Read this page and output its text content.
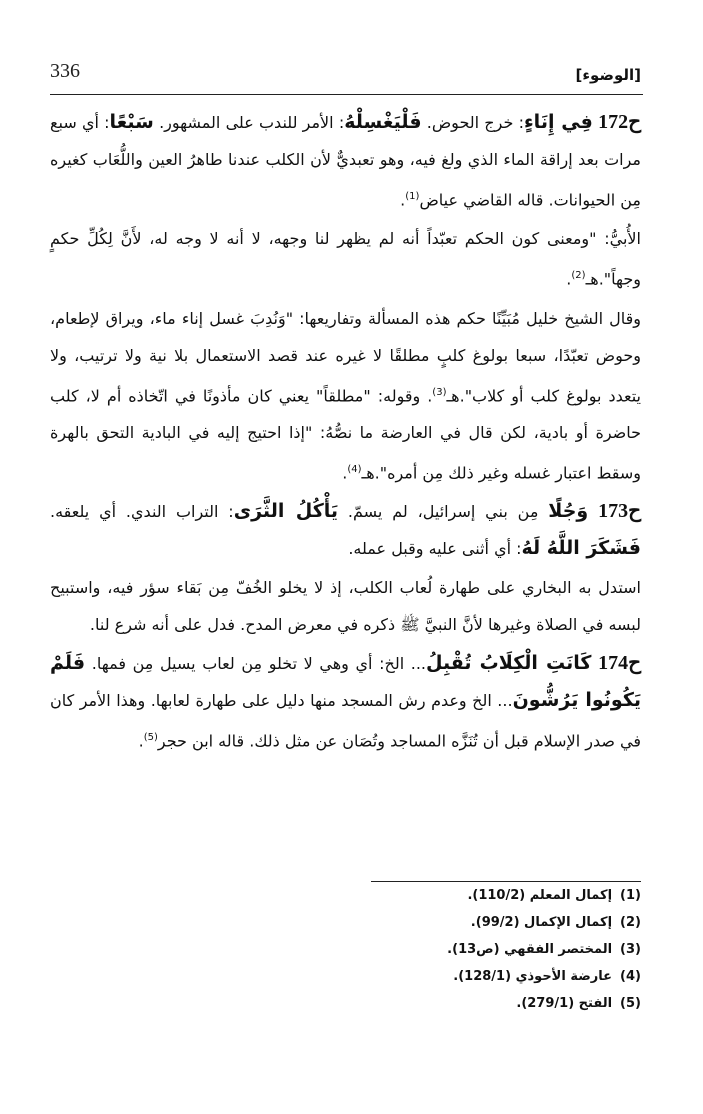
336	[الوضوء]

ح172 فِي إِنَاءٍ: خرج الحوض. فَلْيَغْسِلْهُ: الأمر للندب على المشهور. سَبْعًا: أي سبع مرات بعد إراقة الماء الذي ولغ فيه، وهو تعبديٌّ لأن الكلب عندنا طاهرُ العين واللُّعَاب كغيره مِن الحيوانات. قاله القاضي عياض$^{(1)}$.

الأُبيُّ: "ومعنى كون الحكم تعبّداً أنه لم يظهر لنا وجهه، لا أنه لا وجه له، لأَنَّ لِكُلِّ حكمٍ وجهاً".هـ$^{(2)}$.

وقال الشيخ خليل مُبَيِّنًا حكم هذه المسألة وتفاريعها: "وَنُدِبَ غسل إناء ماء، ويراق لإطعام، وحوض تعبّدًا، سبعا بولوغ كلبٍ مطلقًا لا غيره عند قصد الاستعمال بلا نية ولا ترتيب، ولا يتعدد بولوغ كلب أو كلاب".هـ$^{(3)}$. وقوله: "مطلقاً" يعني كان مأذونًا في اتّخاذه أم لا، كلب حاضرة أو بادية، لكن قال في العارضة ما نصُّهُ: "إذا احتيج إليه في البادية التحق بالهرة وسقط اعتبار غسله وغير ذلك مِن أمره".هـ$^{(4)}$.

ح173 وَجُلًا مِن بني إسرائيل، لم يسمّ. يَأْكُلُ الثَّرَى: التراب الندي. أي يلعقه. فَشَكَرَ اللَّهُ لَهُ: أي أثنى عليه وقبل عمله.

استدل به البخاري على طهارة لُعاب الكلب، إذ لا يخلو الخُفّ مِن بَقاء سؤر فيه، واستبيح لبسه في الصلاة وغيرها لأنَّ النبيَّ ﷺ ذكره في معرض المدح. فدل على أنه شرع لنا.

ح174 كَانَتِ الْكِلَابُ تُقْبِلُ... الخ: أي وهي لا تخلو مِن لعاب يسيل مِن فمها. فَلَمْ يَكُونُوا يَرُشُّونَ... الخ وعدم رش المسجد منها دليل على طهارة لعابها. وهذا الأمر كان في صدر الإسلام قبل أن تُنَزَّه المساجد وتُصَان عن مثل ذلك. قاله ابن حجر$^{(5)}$.

(1)إكمال المعلم (110/2).
(2)إكمال الإكمال (99/2).
(3)المختصر الفقهي (ص13).
(4)عارضة الأحوذي (128/1).
(5)الفتح (279/1).
